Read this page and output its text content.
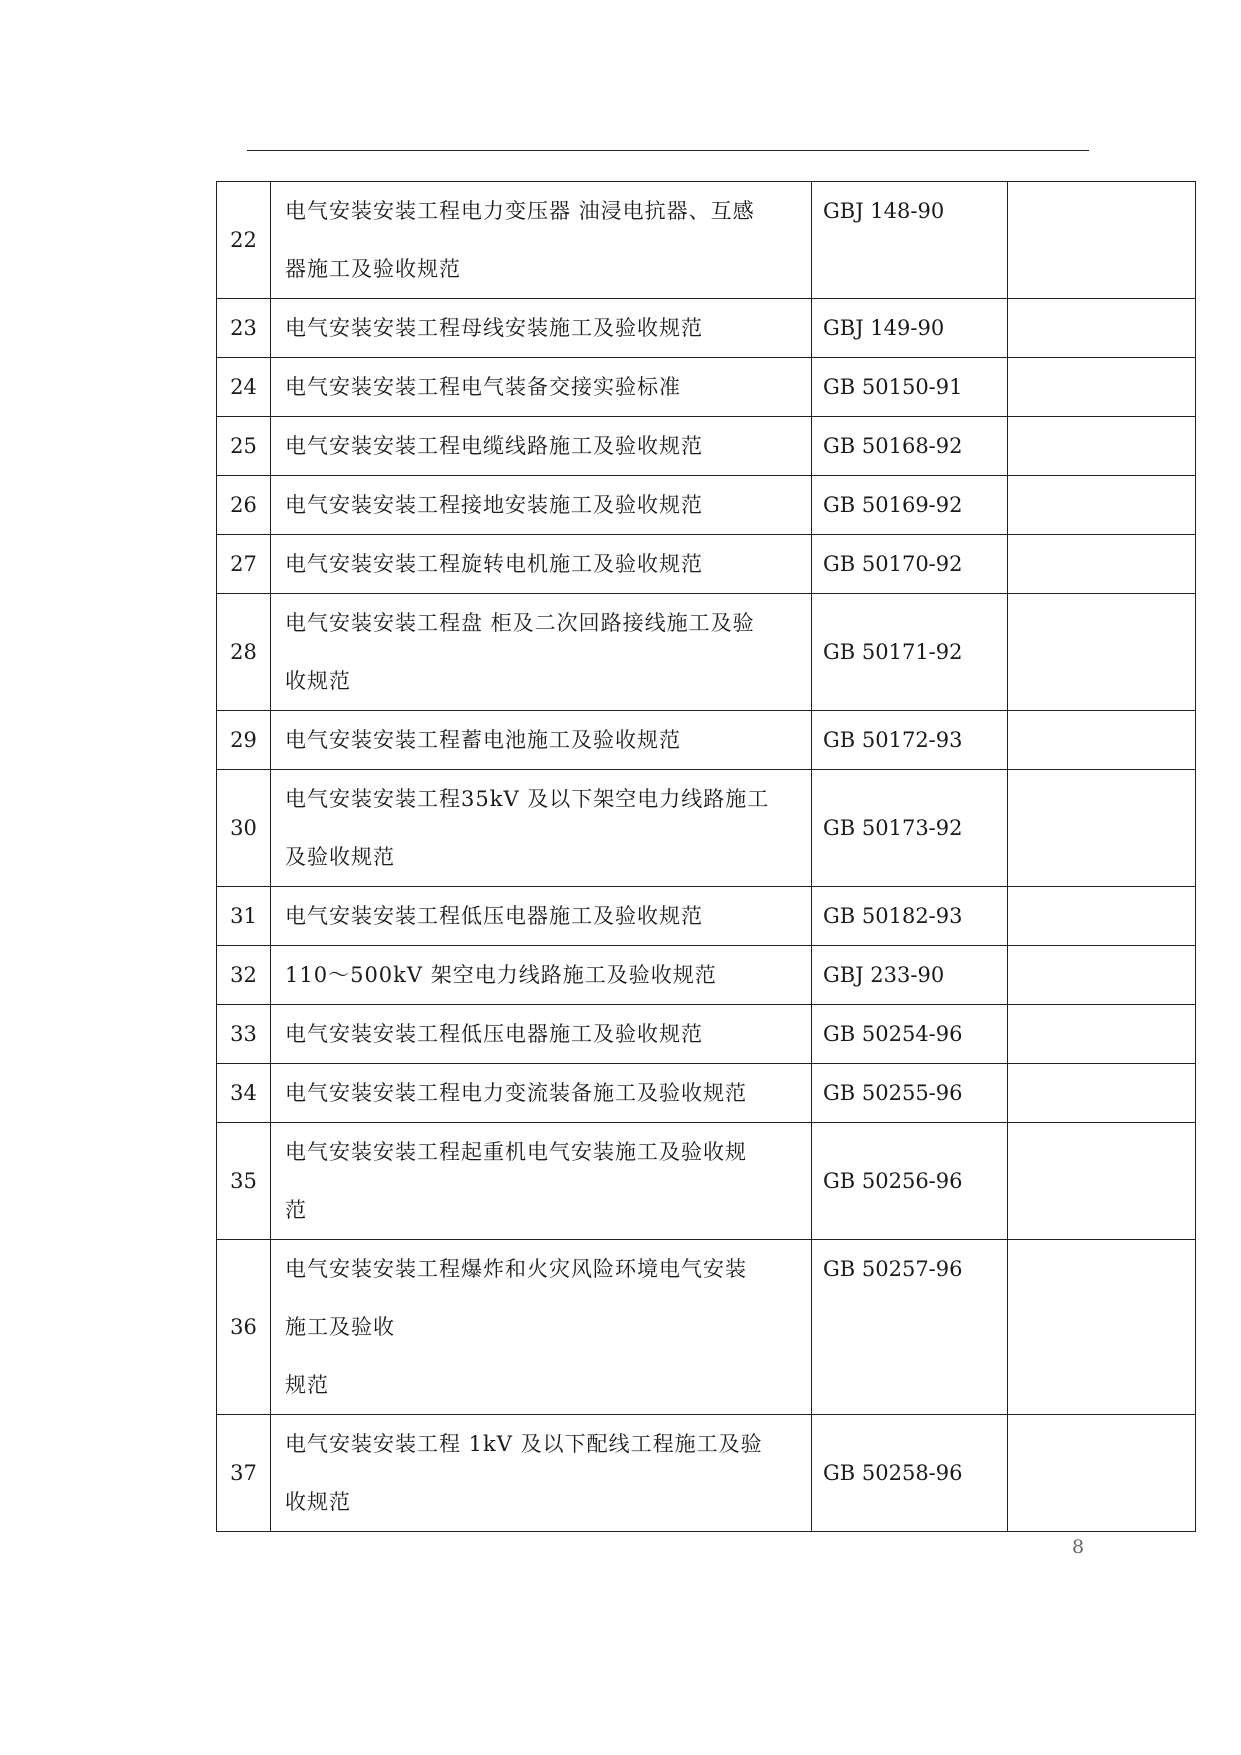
22	电气安装安装工程电力变压器 油浸电抗器、互感
器施工及验收规范	GBJ 148-90	
23	电气安装安装工程母线安装施工及验收规范	GBJ 149-90	
24	电气安装安装工程电气装备交接实验标准	GB 50150-91	
25	电气安装安装工程电缆线路施工及验收规范	GB 50168-92	
26	电气安装安装工程接地安装施工及验收规范	GB 50169-92	
27	电气安装安装工程旋转电机施工及验收规范	GB 50170-92	
28	电气安装安装工程盘 柜及二次回路接线施工及验
收规范	GB 50171-92	
29	电气安装安装工程蓄电池施工及验收规范	GB 50172-93	
30	电气安装安装工程35kV 及以下架空电力线路施工
及验收规范	GB 50173-92	
31	电气安装安装工程低压电器施工及验收规范	GB 50182-93	
32	110～500kV 架空电力线路施工及验收规范	GBJ 233-90	
33	电气安装安装工程低压电器施工及验收规范	GB 50254-96	
34	电气安装安装工程电力变流装备施工及验收规范	GB 50255-96	
35	电气安装安装工程起重机电气安装施工及验收规
范	GB 50256-96	
36	电气安装安装工程爆炸和火灾风险环境电气安装
施工及验收
规范	GB 50257-96	
37	电气安装安装工程 1kV 及以下配线工程施工及验
收规范	GB 50258-96	
8
